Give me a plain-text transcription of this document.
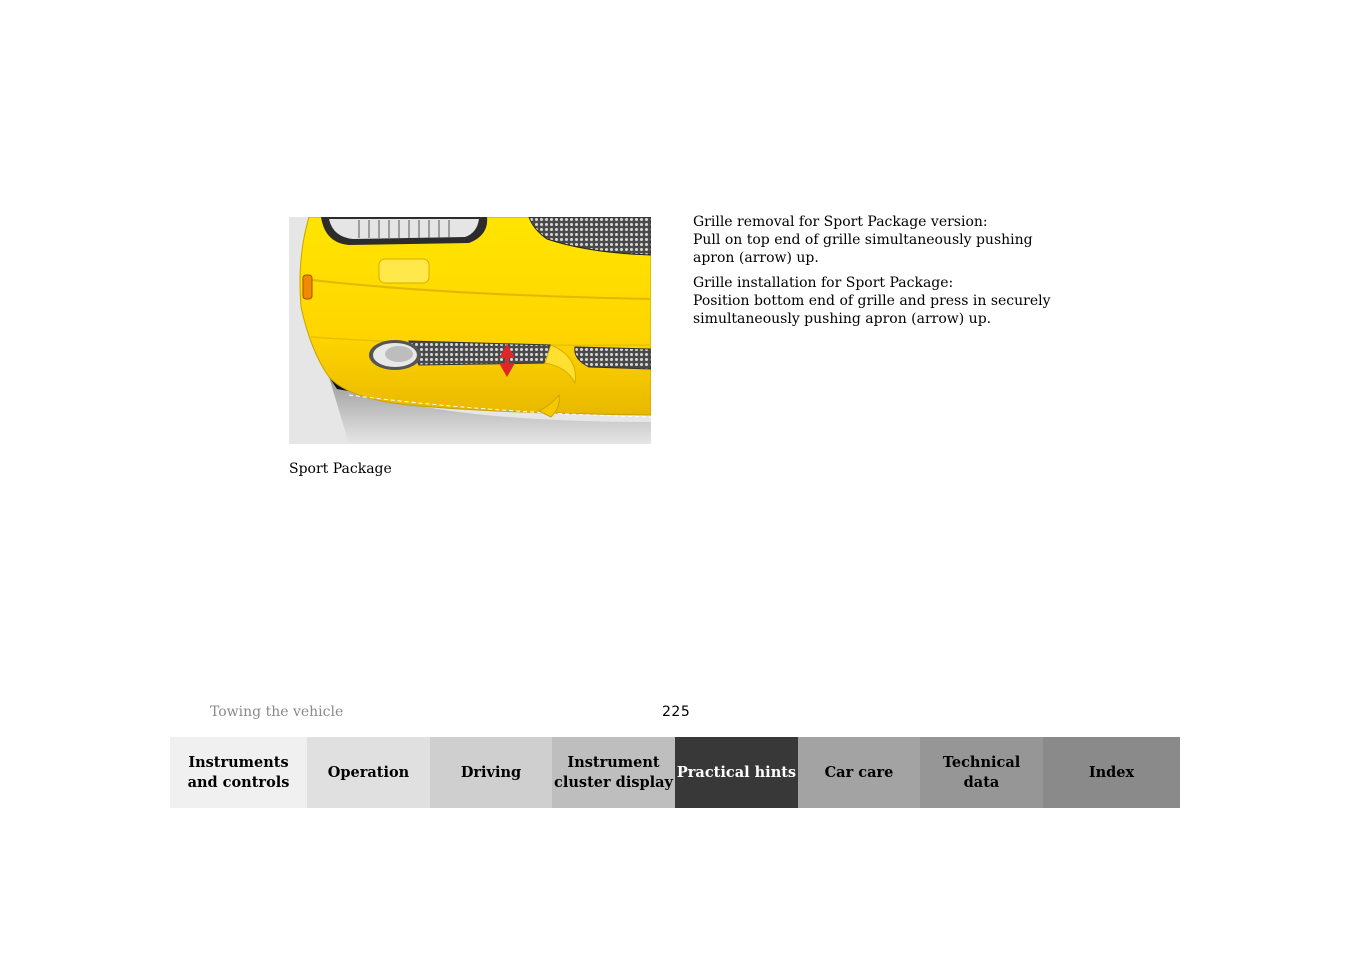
Sport Package

Grille removal for Sport Package version:
Pull on top end of grille simultaneously pushing apron (arrow) up.

Grille installation for Sport Package:
Position bottom end of grille and press in securely simultaneously pushing apron (arrow) up.

Towing the vehicle	225
Instruments
and controls
Operation	Driving
Instrument
cluster display
Practical hints Car care
Technical
data
Index
